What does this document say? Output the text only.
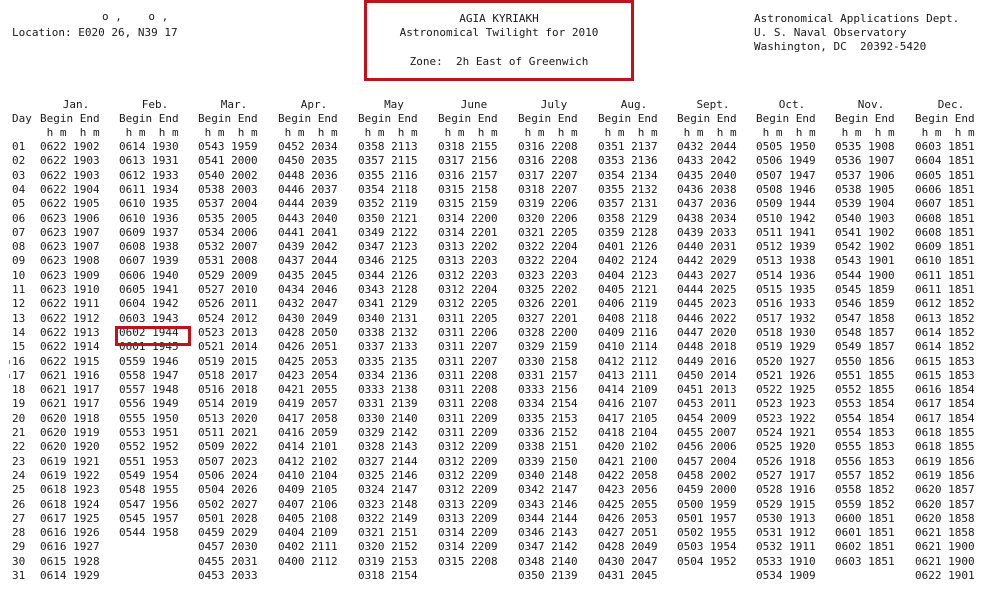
o ,    o ,
Location: E020 26, N39 17
AGIA KYRIAKH
Astronomical Twilight for 2010
Zone:  2h East of Greenwich
Astronomical Applications Dept.
U. S. Naval Observatory
Washington, DC  20392-5420
Day
Jan.
Begin End
h m  h m
Feb.
Begin End
h m  h m
Mar.
Begin End
h m  h m
Apr.
Begin End
h m  h m
May
Begin End
h m  h m
June
Begin End
h m  h m
July
Begin End
h m  h m
Aug.
Begin End
h m  h m
Sept.
Begin End
h m  h m
Oct.
Begin End
h m  h m
Nov.
Begin End
h m  h m
Dec.
Begin End
h m  h m
01
02
03
04
05
06
07
08
09
10
11
12
13
14
15
16
17
18
19
20
21
22
23
24
25
26
27
28
29
30
31
0622 1902
0622 1903
0622 1903
0622 1904
0622 1905
0623 1906
0623 1907
0623 1907
0623 1908
0623 1909
0623 1910
0622 1911
0622 1912
0622 1913
0622 1914
0622 1915
0621 1916
0621 1917
0621 1917
0620 1918
0620 1919
0620 1920
0619 1921
0619 1922
0618 1923
0618 1924
0617 1925
0616 1926
0616 1927
0615 1928
0614 1929
0614 1930
0613 1931
0612 1933
0611 1934
0610 1935
0610 1936
0609 1937
0608 1938
0607 1939
0606 1940
0605 1941
0604 1942
0603 1943
0602 1944
0601 1945
0559 1946
0558 1947
0557 1948
0556 1949
0555 1950
0553 1951
0552 1952
0551 1953
0549 1954
0548 1955
0547 1956
0545 1957
0544 1958
0543 1959
0541 2000
0540 2002
0538 2003
0537 2004
0535 2005
0534 2006
0532 2007
0531 2008
0529 2009
0527 2010
0526 2011
0524 2012
0523 2013
0521 2014
0519 2015
0518 2017
0516 2018
0514 2019
0513 2020
0511 2021
0509 2022
0507 2023
0506 2024
0504 2026
0502 2027
0501 2028
0459 2029
0457 2030
0455 2031
0453 2033
0452 2034
0450 2035
0448 2036
0446 2037
0444 2039
0443 2040
0441 2041
0439 2042
0437 2044
0435 2045
0434 2046
0432 2047
0430 2049
0428 2050
0426 2051
0425 2053
0423 2054
0421 2055
0419 2057
0417 2058
0416 2059
0414 2101
0412 2102
0410 2104
0409 2105
0407 2106
0405 2108
0404 2109
0402 2111
0400 2112
0358 2113
0357 2115
0355 2116
0354 2118
0352 2119
0350 2121
0349 2122
0347 2123
0346 2125
0344 2126
0343 2128
0341 2129
0340 2131
0338 2132
0337 2133
0335 2135
0334 2136
0333 2138
0331 2139
0330 2140
0329 2142
0328 2143
0327 2144
0325 2146
0324 2147
0323 2148
0322 2149
0321 2151
0320 2152
0319 2153
0318 2154
0318 2155
0317 2156
0316 2157
0315 2158
0315 2159
0314 2200
0314 2201
0313 2202
0313 2203
0312 2203
0312 2204
0312 2205
0311 2205
0311 2206
0311 2207
0311 2207
0311 2208
0311 2208
0311 2208
0311 2209
0311 2209
0312 2209
0312 2209
0312 2209
0312 2209
0313 2209
0313 2209
0314 2209
0314 2209
0315 2208
0316 2208
0316 2208
0317 2207
0318 2207
0319 2206
0320 2206
0321 2205
0322 2204
0322 2204
0323 2203
0325 2202
0326 2201
0327 2201
0328 2200
0329 2159
0330 2158
0331 2157
0333 2156
0334 2154
0335 2153
0336 2152
0338 2151
0339 2150
0340 2148
0342 2147
0343 2146
0344 2144
0346 2143
0347 2142
0348 2140
0350 2139
0351 2137
0353 2136
0354 2134
0355 2132
0357 2131
0358 2129
0359 2128
0401 2126
0402 2124
0404 2123
0405 2121
0406 2119
0408 2118
0409 2116
0410 2114
0412 2112
0413 2111
0414 2109
0416 2107
0417 2105
0418 2104
0420 2102
0421 2100
0422 2058
0423 2056
0425 2055
0426 2053
0427 2051
0428 2049
0430 2047
0431 2045
0432 2044
0433 2042
0435 2040
0436 2038
0437 2036
0438 2034
0439 2033
0440 2031
0442 2029
0443 2027
0444 2025
0445 2023
0446 2022
0447 2020
0448 2018
0449 2016
0450 2014
0451 2013
0453 2011
0454 2009
0455 2007
0456 2006
0457 2004
0458 2002
0459 2000
0500 1959
0501 1957
0502 1955
0503 1954
0504 1952
0505 1950
0506 1949
0507 1947
0508 1946
0509 1944
0510 1942
0511 1941
0512 1939
0513 1938
0514 1936
0515 1935
0516 1933
0517 1932
0518 1930
0519 1929
0520 1927
0521 1926
0522 1925
0523 1923
0523 1922
0524 1921
0525 1920
0526 1918
0527 1917
0528 1916
0529 1915
0530 1913
0531 1912
0532 1911
0533 1910
0534 1909
0535 1908
0536 1907
0537 1906
0538 1905
0539 1904
0540 1903
0541 1902
0542 1902
0543 1901
0544 1900
0545 1859
0546 1859
0547 1858
0548 1857
0549 1857
0550 1856
0551 1855
0552 1855
0553 1854
0554 1854
0554 1853
0555 1853
0556 1853
0557 1852
0558 1852
0559 1852
0600 1851
0601 1851
0602 1851
0603 1851
0603 1851
0604 1851
0605 1851
0606 1851
0607 1851
0608 1851
0608 1851
0609 1851
0610 1851
0611 1851
0611 1851
0612 1852
0613 1852
0614 1852
0614 1852
0615 1853
0615 1853
0616 1854
0617 1854
0617 1854
0618 1855
0618 1855
0619 1856
0619 1856
0620 1857
0620 1857
0620 1858
0621 1858
0621 1900
0621 1900
0622 1901
